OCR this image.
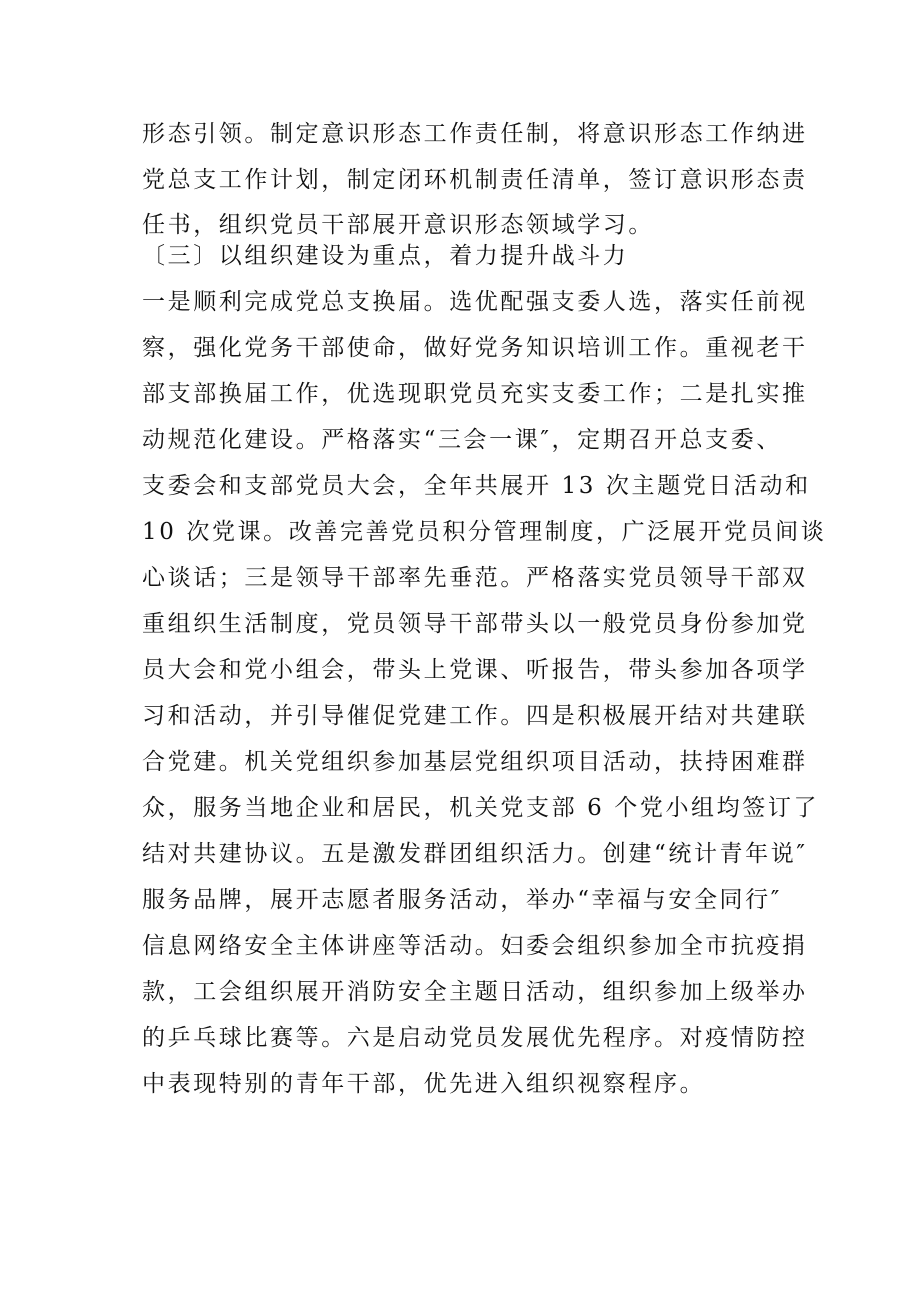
形态引领。制定意识形态工作责任制，将意识形态工作纳进
党总支工作计划，制定闭环机制责任清单，签订意识形态责
任书，组织党员干部展开意识形态领域学习。
〔三〕以组织建设为重点，着力提升战斗力
一是顺利完成党总支换届。选优配强支委人选，落实任前视
察，强化党务干部使命，做好党务知识培训工作。重视老干
部支部换届工作，优选现职党员充实支委工作；二是扎实推
动规范化建设。严格落实“三会一课″，定期召开总支委、
支委会和支部党员大会，全年共展开 13 次主题党日活动和
10 次党课。改善完善党员积分管理制度，广泛展开党员间谈
心谈话；三是领导干部率先垂范。严格落实党员领导干部双
重组织生活制度，党员领导干部带头以一般党员身份参加党
员大会和党小组会，带头上党课、听报告，带头参加各项学
习和活动，并引导催促党建工作。四是积极展开结对共建联
合党建。机关党组织参加基层党组织项目活动，扶持困难群
众，服务当地企业和居民，机关党支部 6 个党小组均签订了
结对共建协议。五是激发群团组织活力。创建“统计青年说″
服务品牌，展开志愿者服务活动，举办“幸福与安全同行″
信息网络安全主体讲座等活动。妇委会组织参加全市抗疫捐
款，工会组织展开消防安全主题日活动，组织参加上级举办
的乒乓球比赛等。六是启动党员发展优先程序。对疫情防控
中表现特别的青年干部，优先进入组织视察程序。
